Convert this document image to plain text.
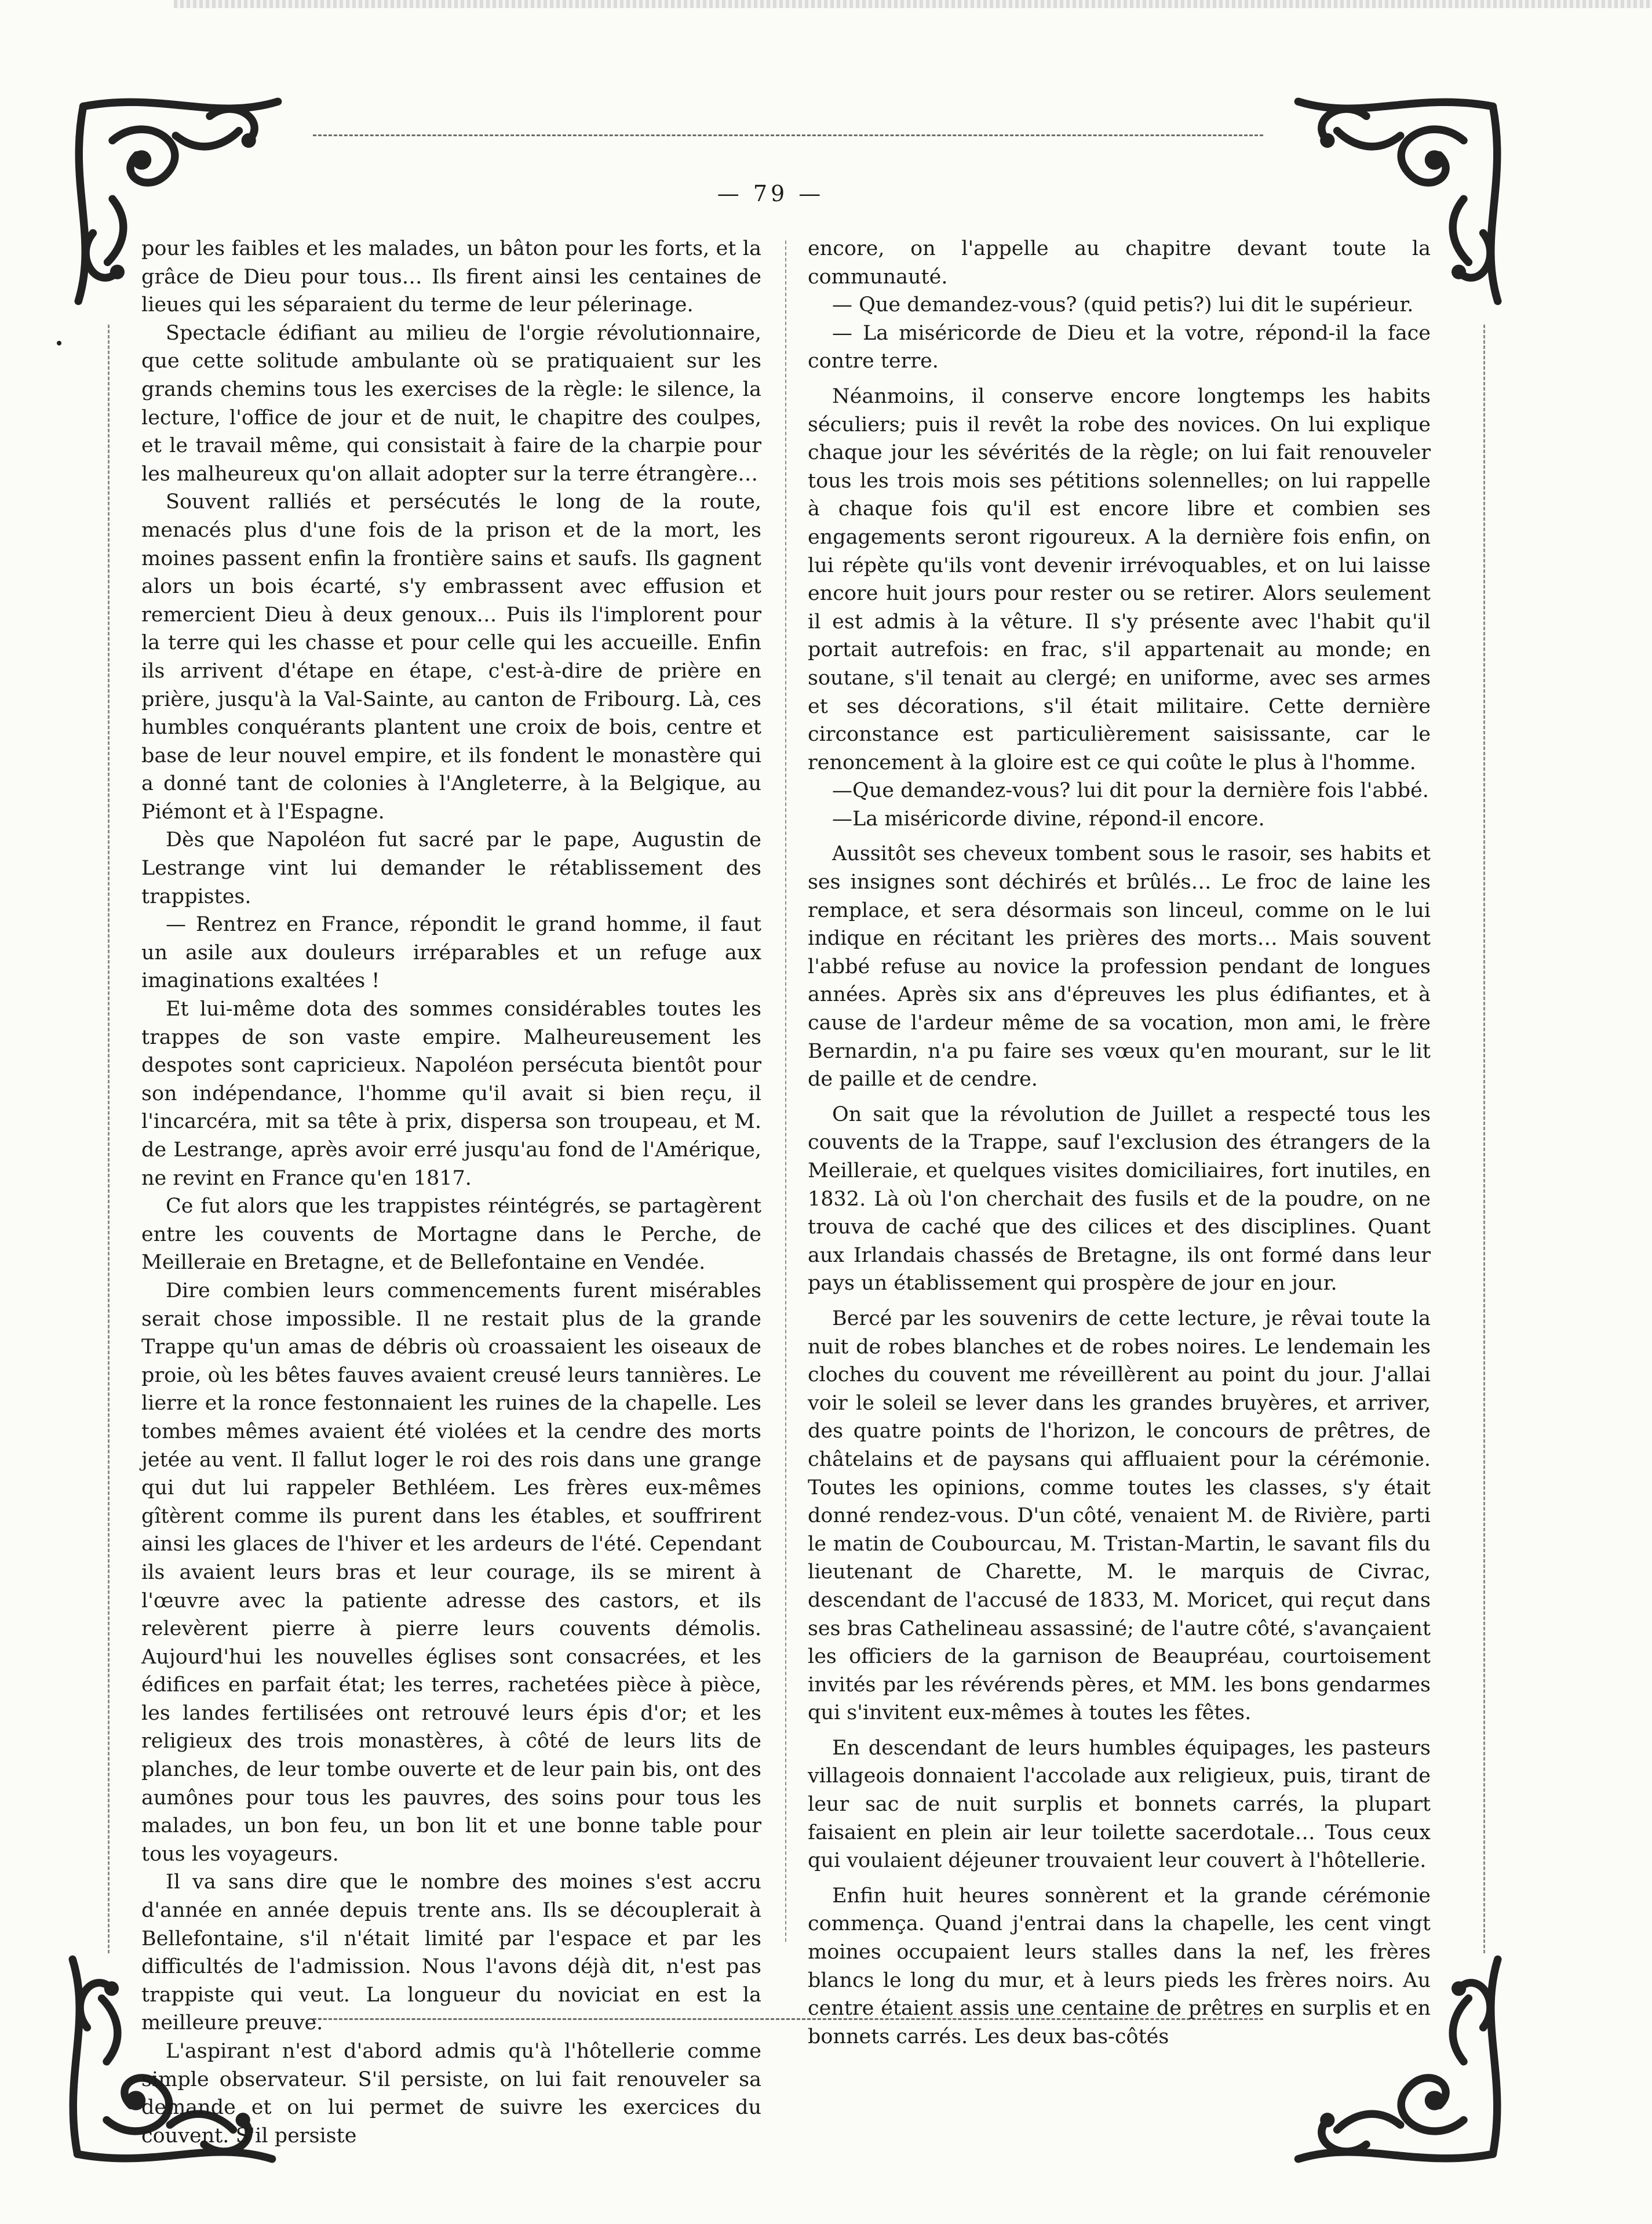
— 79 —

pour les faibles et les malades, un bâton pour les forts, et la grâce de Dieu pour tous… Ils firent ainsi les centaines de lieues qui les séparaient du terme de leur pélerinage.

Spectacle édifiant au milieu de l'orgie révolutionnaire, que cette solitude ambulante où se pratiquaient sur les grands chemins tous les exercises de la règle: le silence, la lecture, l'office de jour et de nuit, le chapitre des coulpes, et le travail même, qui consistait à faire de la charpie pour les malheureux qu'on allait adopter sur la terre étrangère…

Souvent ralliés et persécutés le long de la route, menacés plus d'une fois de la prison et de la mort, les moines passent enfin la frontière sains et saufs. Ils gagnent alors un bois écarté, s'y embrassent avec effusion et remercient Dieu à deux genoux… Puis ils l'implorent pour la terre qui les chasse et pour celle qui les accueille. Enfin ils arrivent d'étape en étape, c'est-à-dire de prière en prière, jusqu'à la Val-Sainte, au canton de Fribourg. Là, ces humbles conquérants plantent une croix de bois, centre et base de leur nouvel empire, et ils fondent le monastère qui a donné tant de colonies à l'Angleterre, à la Belgique, au Piémont et à l'Espagne.

Dès que Napoléon fut sacré par le pape, Augustin de Lestrange vint lui demander le rétablissement des trappistes.

— Rentrez en France, répondit le grand homme, il faut un asile aux douleurs irréparables et un refuge aux imaginations exaltées !

Et lui-même dota des sommes considérables toutes les trappes de son vaste empire. Malheureusement les despotes sont capricieux. Napoléon persécuta bientôt pour son indépendance, l'homme qu'il avait si bien reçu, il l'incarcéra, mit sa tête à prix, dispersa son troupeau, et M. de Lestrange, après avoir erré jusqu'au fond de l'Amérique, ne revint en France qu'en 1817.

Ce fut alors que les trappistes réintégrés, se partagèrent entre les couvents de Mortagne dans le Perche, de Meilleraie en Bretagne, et de Bellefontaine en Vendée.

Dire combien leurs commencements furent misérables serait chose impossible. Il ne restait plus de la grande Trappe qu'un amas de débris où croassaient les oiseaux de proie, où les bêtes fauves avaient creusé leurs tannières. Le lierre et la ronce festonnaient les ruines de la chapelle. Les tombes mêmes avaient été violées et la cendre des morts jetée au vent. Il fallut loger le roi des rois dans une grange qui dut lui rappeler Bethléem. Les frères eux-mêmes gîtèrent comme ils purent dans les étables, et souffrirent ainsi les glaces de l'hiver et les ardeurs de l'été. Cependant ils avaient leurs bras et leur courage, ils se mirent à l'œuvre avec la patiente adresse des castors, et ils relevèrent pierre à pierre leurs couvents démolis. Aujourd'hui les nouvelles églises sont consacrées, et les édifices en parfait état; les terres, rachetées pièce à pièce, les landes fertilisées ont retrouvé leurs épis d'or; et les religieux des trois monastères, à côté de leurs lits de planches, de leur tombe ouverte et de leur pain bis, ont des aumônes pour tous les pauvres, des soins pour tous les malades, un bon feu, un bon lit et une bonne table pour tous les voyageurs.

Il va sans dire que le nombre des moines s'est accru d'année en année depuis trente ans. Ils se découplerait à Bellefontaine, s'il n'était limité par l'espace et par les difficultés de l'admission. Nous l'avons déjà dit, n'est pas trappiste qui veut. La longueur du noviciat en est la meilleure preuve.

L'aspirant n'est d'abord admis qu'à l'hôtellerie comme simple observateur. S'il persiste, on lui fait renouveler sa demande et on lui permet de suivre les exercices du couvent. S'il persiste

encore, on l'appelle au chapitre devant toute la communauté.

— Que demandez-vous? (quid petis?) lui dit le supérieur.

— La miséricorde de Dieu et la votre, répond-il la face contre terre.

Néanmoins, il conserve encore longtemps les habits séculiers; puis il revêt la robe des novices. On lui explique chaque jour les sévérités de la règle; on lui fait renouveler tous les trois mois ses pétitions solennelles; on lui rappelle à chaque fois qu'il est encore libre et combien ses engagements seront rigoureux. A la dernière fois enfin, on lui répète qu'ils vont devenir irrévoquables, et on lui laisse encore huit jours pour rester ou se retirer. Alors seulement il est admis à la vêture. Il s'y présente avec l'habit qu'il portait autrefois: en frac, s'il appartenait au monde; en soutane, s'il tenait au clergé; en uniforme, avec ses armes et ses décorations, s'il était militaire. Cette dernière circonstance est particulièrement saisissante, car le renoncement à la gloire est ce qui coûte le plus à l'homme.

—Que demandez-vous? lui dit pour la dernière fois l'abbé.

—La miséricorde divine, répond-il encore.

Aussitôt ses cheveux tombent sous le rasoir, ses habits et ses insignes sont déchirés et brûlés… Le froc de laine les remplace, et sera désormais son linceul, comme on le lui indique en récitant les prières des morts… Mais souvent l'abbé refuse au novice la profession pendant de longues années. Après six ans d'épreuves les plus édifiantes, et à cause de l'ardeur même de sa vocation, mon ami, le frère Bernardin, n'a pu faire ses vœux qu'en mourant, sur le lit de paille et de cendre.

On sait que la révolution de Juillet a respecté tous les couvents de la Trappe, sauf l'exclusion des étrangers de la Meilleraie, et quelques visites domiciliaires, fort inutiles, en 1832. Là où l'on cherchait des fusils et de la poudre, on ne trouva de caché que des cilices et des disciplines. Quant aux Irlandais chassés de Bretagne, ils ont formé dans leur pays un établissement qui prospère de jour en jour.

Bercé par les souvenirs de cette lecture, je rêvai toute la nuit de robes blanches et de robes noires. Le lendemain les cloches du couvent me réveillèrent au point du jour. J'allai voir le soleil se lever dans les grandes bruyères, et arriver, des quatre points de l'horizon, le concours de prêtres, de châtelains et de paysans qui affluaient pour la cérémonie. Toutes les opinions, comme toutes les classes, s'y était donné rendez-vous. D'un côté, venaient M. de Rivière, parti le matin de Coubourcau, M. Tristan-Martin, le savant fils du lieutenant de Charette, M. le marquis de Civrac, descendant de l'accusé de 1833, M. Moricet, qui reçut dans ses bras Cathelineau assassiné; de l'autre côté, s'avançaient les officiers de la garnison de Beaupréau, courtoisement invités par les révérends pères, et MM. les bons gendarmes qui s'invitent eux-mêmes à toutes les fêtes.

En descendant de leurs humbles équipages, les pasteurs villageois donnaient l'accolade aux religieux, puis, tirant de leur sac de nuit surplis et bonnets carrés, la plupart faisaient en plein air leur toilette sacerdotale… Tous ceux qui voulaient déjeuner trouvaient leur couvert à l'hôtellerie.

Enfin huit heures sonnèrent et la grande cérémonie commença. Quand j'entrai dans la chapelle, les cent vingt moines occupaient leurs stalles dans la nef, les frères blancs le long du mur, et à leurs pieds les frères noirs. Au centre étaient assis une centaine de prêtres en surplis et en bonnets carrés. Les deux bas-côtés
